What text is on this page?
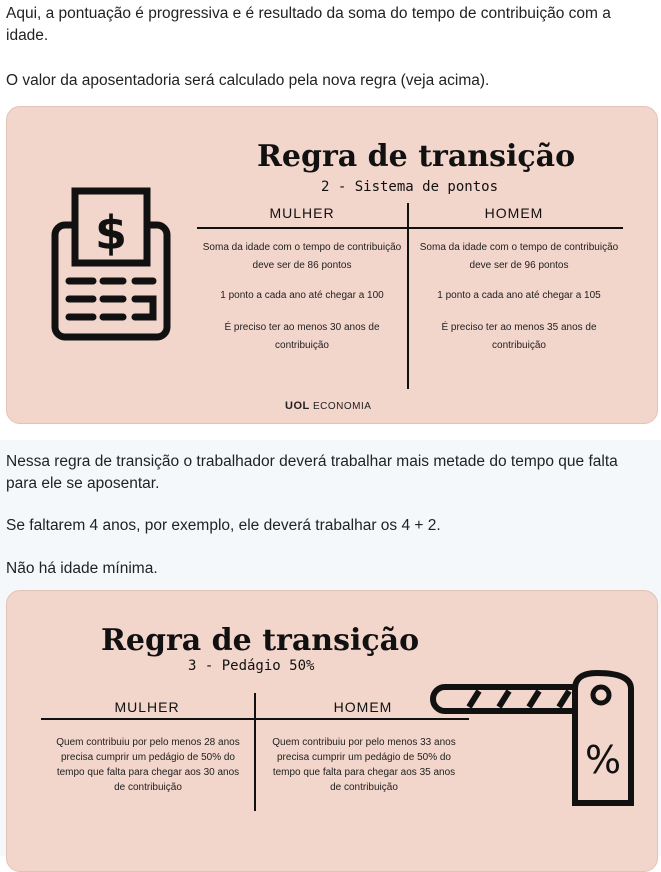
Aqui, a pontuação é progressiva e é resultado da soma do tempo de contribuição com a idade.

O valor da aposentadoria será calculado pela nova regra (veja acima).

$
Regra de transição
2 - Sistema de pontos
MULHER	HOMEM
Soma da idade com o tempo de contribuição deve ser de 86 pontos
1 ponto a cada ano até chegar a 100
É preciso ter ao menos 30 anos de contribuição
Soma da idade com o tempo de contribuição deve ser de 96 pontos
1 ponto a cada ano até chegar a 105
É preciso ter ao menos 35 anos de contribuição
UOL ECONOMIA

Nessa regra de transição o trabalhador deverá trabalhar mais metade do tempo que falta para ele se aposentar.

Se faltarem 4 anos, por exemplo, ele deverá trabalhar os 4 + 2.

Não há idade mínima.

Regra de transição
3 - Pedágio 50%
MULHER	HOMEM
Quem contribuiu por pelo menos 28 anos precisa cumprir um pedágio de 50% do tempo que falta para chegar aos 30 anos de contribuição
Quem contribuiu por pelo menos 33 anos precisa cumprir um pedágio de 50% do tempo que falta para chegar aos 35 anos de contribuição
%
